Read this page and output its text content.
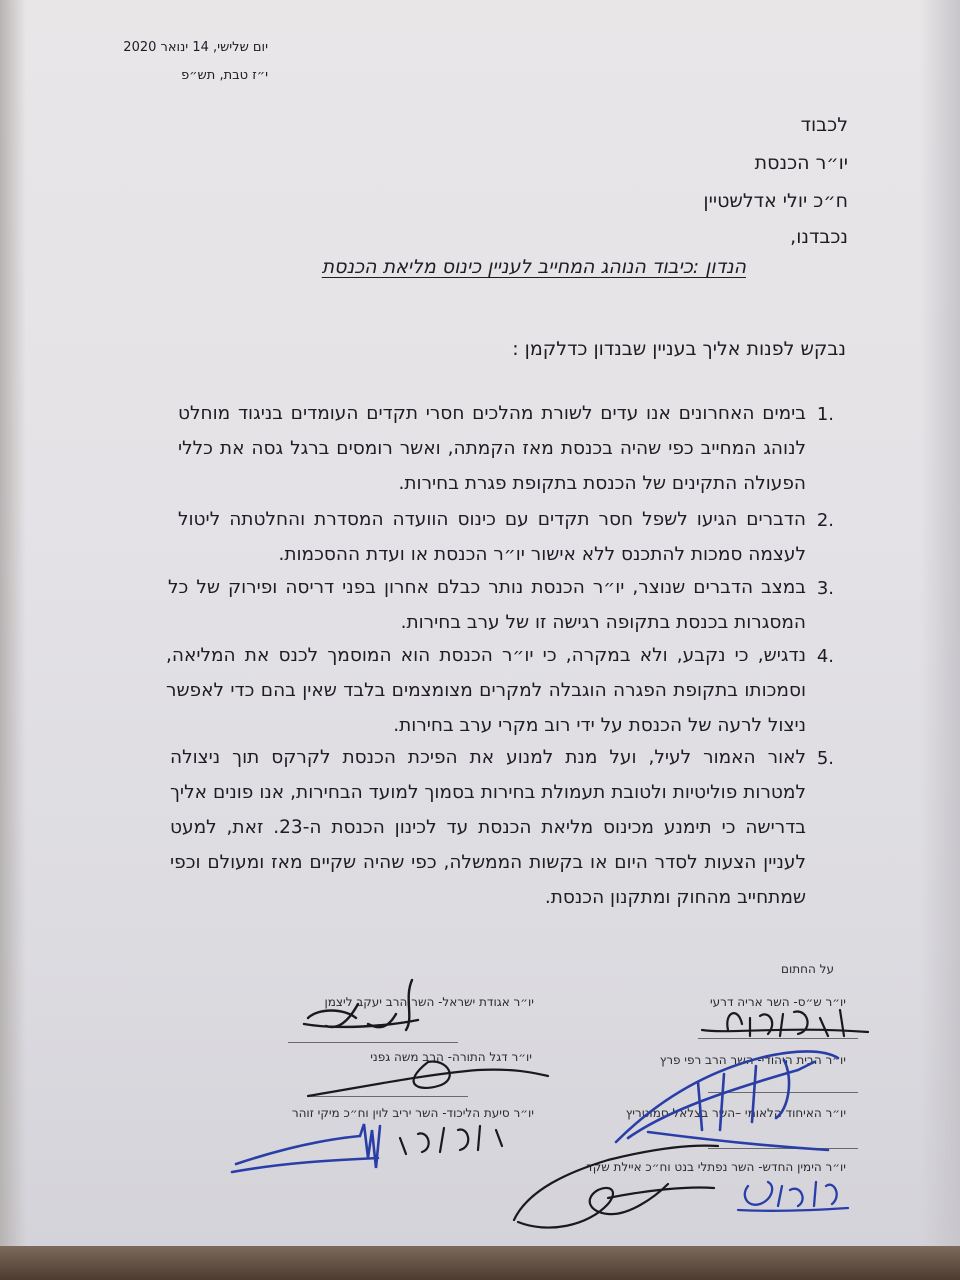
יום שלישי, 14 ינואר 2020
י״ז טבת, תש״פ
לכבוד
יו״ר הכנסת
ח״כ יולי אדלשטיין
נכבדנו,
הנדון :כיבוד הנוהג המחייב לעניין כינוס מליאת הכנסת
נבקש לפנות אליך בעניין שבנדון כדלקמן :
1.
בימים האחרונים אנו עדים לשורת מהלכים חסרי תקדים העומדים בניגוד מוחלט לנוהג המחייב כפי שהיה בכנסת מאז הקמתה, ואשר רומסים ברגל גסה את כללי הפעולה התקינים של הכנסת בתקופת פגרת בחירות.
2.
הדברים הגיעו לשפל חסר תקדים עם כינוס הוועדה המסדרת והחלטתה ליטול לעצמה סמכות להתכנס ללא אישור יו״ר הכנסת או ועדת ההסכמות.
3.
במצב הדברים שנוצר, יו״ר הכנסת נותר כבלם אחרון בפני דריסה ופירוק של כל המסגרות בכנסת בתקופה רגישה זו של ערב בחירות.
4.
נדגיש, כי נקבע, ולא במקרה, כי יו״ר הכנסת הוא המוסמך לכנס את המליאה, וסמכותו בתקופת הפגרה הוגבלה למקרים מצומצמים בלבד שאין בהם כדי לאפשר ניצול לרעה של הכנסת על ידי רוב מקרי ערב בחירות.
5.
לאור האמור לעיל, ועל מנת למנוע את הפיכת הכנסת לקרקס תוך ניצולה למטרות פוליטיות ולטובת תעמולת בחירות בסמוך למועד הבחירות, אנו פונים אליך בדרישה כי תימנע מכינוס מליאת הכנסת עד לכינון הכנסת ה-23. זאת, למעט לעניין הצעות לסדר היום או בקשות הממשלה, כפי שהיה שקיים מאז ומעולם וכפי שמתחייב מהחוק ומתקנון הכנסת.
על החתום
יו״ר ש״ס- השר אריה דרעי
יו״ר הבית היהודי- השר הרב רפי פרץ
יו״ר האיחוד הלאומי –השר בצלאל סמוטריץ
יו״ר הימין החדש- השר נפתלי בנט וח״כ איילת שקד
יו״ר אגודת ישראל- השר הרב יעקב ליצמן
יו״ר דגל התורה- הרב משה גפני
יו״ר סיעת הליכוד- השר יריב לוין וח״כ מיקי זוהר
